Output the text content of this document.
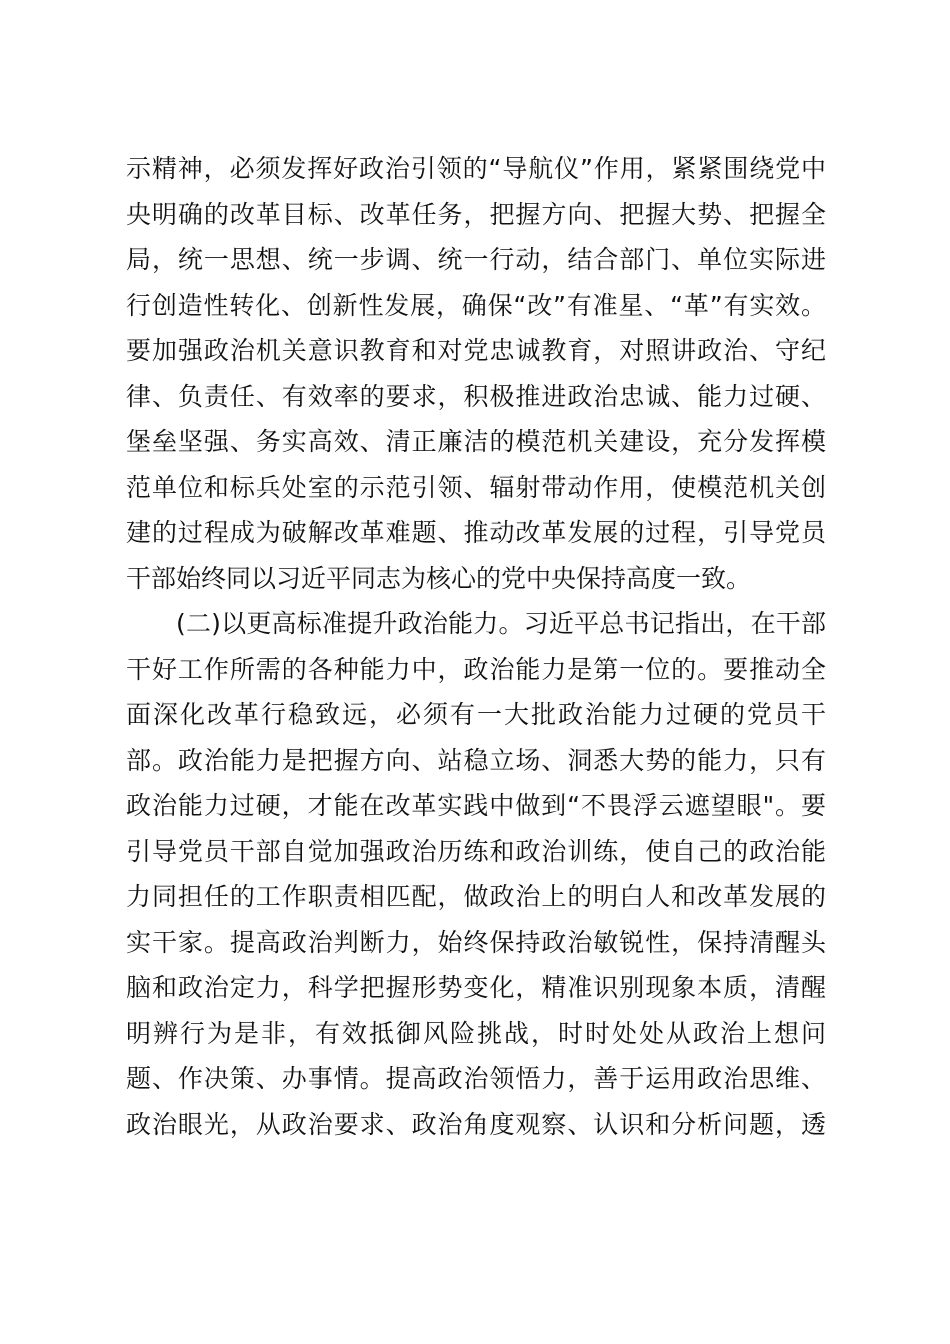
示精神，必须发挥好政治引领的“导航仪”作用，紧紧围绕党中
央明确的改革目标、改革任务，把握方向、把握大势、把握全
局，统一思想、统一步调、统一行动，结合部门、单位实际进
行创造性转化、创新性发展，确保“改”有准星、“革”有实效。
要加强政治机关意识教育和对党忠诚教育，对照讲政治、守纪
律、负责任、有效率的要求，积极推进政治忠诚、能力过硬、
堡垒坚强、务实高效、清正廉洁的模范机关建设，充分发挥模
范单位和标兵处室的示范引领、辐射带动作用，使模范机关创
建的过程成为破解改革难题、推动改革发展的过程，引导党员
干部始终同以习近平同志为核心的党中央保持高度一致。
(二)以更高标准提升政治能力。习近平总书记指出，在干部
干好工作所需的各种能力中，政治能力是第一位的。要推动全
面深化改革行稳致远，必须有一大批政治能力过硬的党员干
部。政治能力是把握方向、站稳立场、洞悉大势的能力，只有
政治能力过硬，才能在改革实践中做到“不畏浮云遮望眼"。要
引导党员干部自觉加强政治历练和政治训练，使自己的政治能
力同担任的工作职责相匹配，做政治上的明白人和改革发展的
实干家。提高政治判断力，始终保持政治敏锐性，保持清醒头
脑和政治定力，科学把握形势变化，精准识别现象本质，清醒
明辨行为是非，有效抵御风险挑战，时时处处从政治上想问
题、作决策、办事情。提高政治领悟力，善于运用政治思维、
政治眼光，从政治要求、政治角度观察、认识和分析问题，透
